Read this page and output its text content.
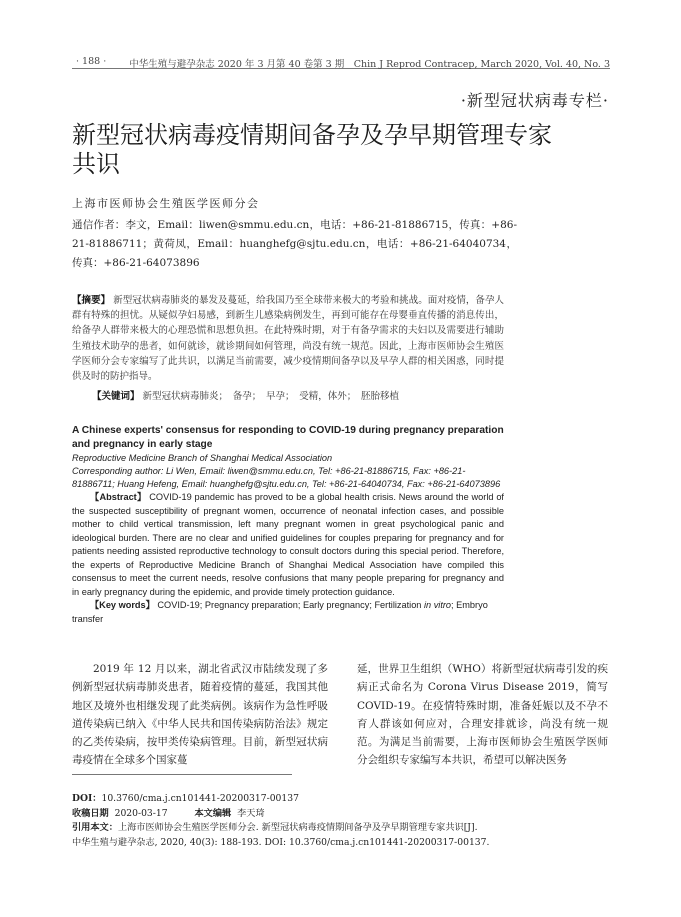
· 188 · 中华生殖与避孕杂志 2020 年 3 月第 40 卷第 3 期　Chin J Reprod Contracep, March 2020, Vol. 40, No. 3
·新型冠状病毒专栏·
新型冠状病毒疫情期间备孕及孕早期管理专家共识
上海市医师协会生殖医学医师分会
通信作者：李文，Email：liwen@smmu.edu.cn，电话：+86-21-81886715，传真：+86-21-81886711；黄荷凤，Email：huanghefg@sjtu.edu.cn，电话：+86-21-64040734，传真：+86-21-64073896
【摘要】 新型冠状病毒肺炎的暴发及蔓延，给我国乃至全球带来极大的考验和挑战。面对疫情，备孕人群有特殊的担忧。从疑似孕妇易感，到新生儿感染病例发生，再到可能存在母婴垂直传播的消息传出，给备孕人群带来极大的心理恐慌和思想负担。在此特殊时期，对于有备孕需求的夫妇以及需要进行辅助生殖技术助孕的患者，如何就诊，就诊期间如何管理，尚没有统一规范。因此，上海市医师协会生殖医学医师分会专家编写了此共识，以满足当前需要，减少疫情期间备孕以及早孕人群的相关困惑，同时提供及时的防护指导。
【关键词】 新型冠状病毒肺炎；　备孕；　早孕；　受精，体外；　胚胎移植
A Chinese experts' consensus for responding to COVID-19 during pregnancy preparation and pregnancy in early stage
Reproductive Medicine Branch of Shanghai Medical Association
Corresponding author: Li Wen, Email: liwen@smmu.edu.cn, Tel: +86-21-81886715, Fax: +86-21-81886711; Huang Hefeng, Email: huanghefg@sjtu.edu.cn, Tel: +86-21-64040734, Fax: +86-21-64073896
【Abstract】 COVID-19 pandemic has proved to be a global health crisis. News around the world of the suspected susceptibility of pregnant women, occurrence of neonatal infection cases, and possible mother to child vertical transmission, left many pregnant women in great psychological panic and ideological burden. There are no clear and unified guidelines for couples preparing for pregnancy and for patients needing assisted reproductive technology to consult doctors during this special period. Therefore, the experts of Reproductive Medicine Branch of Shanghai Medical Association have compiled this consensus to meet the current needs, resolve confusions that many people preparing for pregnancy and in early pregnancy during the epidemic, and provide timely protection guidance.
【Key words】 COVID-19; Pregnancy preparation; Early pregnancy; Fertilization in vitro; Embryo transfer
2019 年 12 月以来，湖北省武汉市陆续发现了多例新型冠状病毒肺炎患者，随着疫情的蔓延，我国其他地区及境外也相继发现了此类病例。该病作为急性呼吸道传染病已纳入《中华人民共和国传染病防治法》规定的乙类传染病，按甲类传染病管理。目前，新型冠状病毒疫情在全球多个国家蔓
延，世界卫生组织（WHO）将新型冠状病毒引发的疾病正式命名为 Corona Virus Disease 2019，简写 COVID-19。在疫情特殊时期，准备妊娠以及不孕不育人群该如何应对，合理安排就诊，尚没有统一规范。为满足当前需要，上海市医师协会生殖医学医师分会组织专家编写本共识，希望可以解决医务
DOI：10.3760/cma.j.cn101441-20200317-00137
收稿日期 2020-03-17	本文编辑 李天琦
引用本文：上海市医师协会生殖医学医师分会. 新型冠状病毒疫情期间备孕及孕早期管理专家共识[J].
中华生殖与避孕杂志, 2020, 40(3): 188-193. DOI: 10.3760/cma.j.cn101441-20200317-00137.
